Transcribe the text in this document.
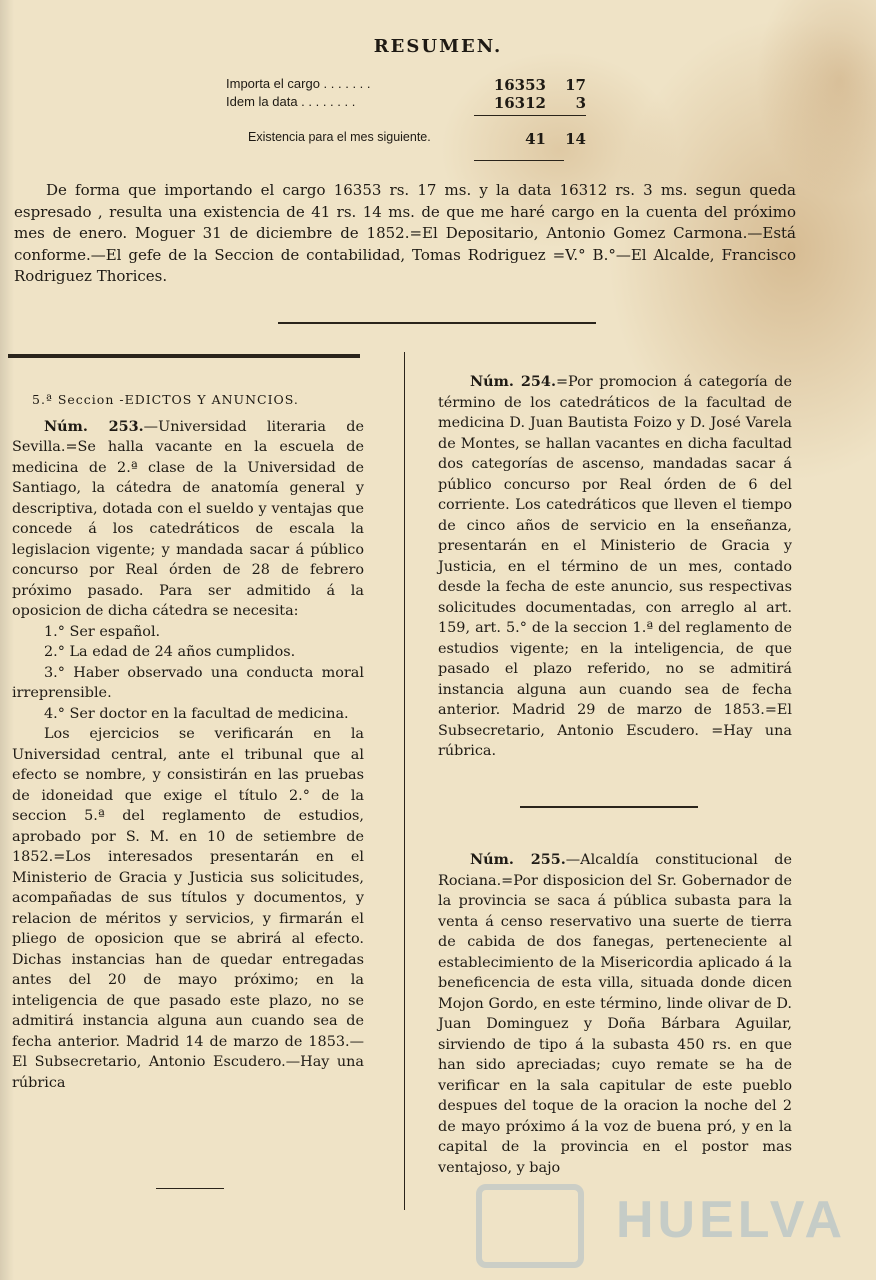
RESUMEN.
Importa el cargo . . . . . . .	16353	17
Idem la data . . . . . . . .	16312	3
Existencia para el mes siguiente.	41	14

De forma que importando el cargo 16353 rs. 17 ms. y la data 16312 rs. 3 ms. segun queda espresado , resulta una existencia de 41 rs. 14 ms. de que me haré cargo en la cuenta del próximo mes de enero. Moguer 31 de diciembre de 1852.=El Depositario, Antonio Gomez Carmona.—Está conforme.—El gefe de la Seccion de contabilidad, Tomas Rodriguez =V.° B.°—El Alcalde, Francisco Rodriguez Thorices.

5.ª Seccion -EDICTOS Y ANUNCIOS.

Núm. 253.—Universidad literaria de Sevilla.=Se halla vacante en la escuela de medicina de 2.ª clase de la Universidad de Santiago, la cátedra de anatomía general y descriptiva, dotada con el sueldo y ventajas que concede á los catedráticos de escala la legislacion vigente; y mandada sacar á público concurso por Real órden de 28 de febrero próximo pasado. Para ser admitido á la oposicion de dicha cátedra se necesita:

1.° Ser español.
2.° La edad de 24 años cumplidos.
3.° Haber observado una conducta moral irreprensible.
4.° Ser doctor en la facultad de medicina.

Los ejercicios se verificarán en la Universidad central, ante el tribunal que al efecto se nombre, y consistirán en las pruebas de idoneidad que exige el título 2.° de la seccion 5.ª del reglamento de estudios, aprobado por S. M. en 10 de setiembre de 1852.=Los interesados presentarán en el Ministerio de Gracia y Justicia sus solicitudes, acompañadas de sus títulos y documentos, y relacion de méritos y servicios, y firmarán el pliego de oposicion que se abrirá al efecto. Dichas instancias han de quedar entregadas antes del 20 de mayo próximo; en la inteligencia de que pasado este plazo, no se admitirá instancia alguna aun cuando sea de fecha anterior. Madrid 14 de marzo de 1853.—El Subsecretario, Antonio Escudero.—Hay una rúbrica

Núm. 254.=Por promocion á categoría de término de los catedráticos de la facultad de medicina D. Juan Bautista Foizo y D. José Varela de Montes, se hallan vacantes en dicha facultad dos categorías de ascenso, mandadas sacar á público concurso por Real órden de 6 del corriente. Los catedráticos que lleven el tiempo de cinco años de servicio en la enseñanza, presentarán en el Ministerio de Gracia y Justicia, en el término de un mes, contado desde la fecha de este anuncio, sus respectivas solicitudes documentadas, con arreglo al art. 159, art. 5.° de la seccion 1.ª del reglamento de estudios vigente; en la inteligencia, de que pasado el plazo referido, no se admitirá instancia alguna aun cuando sea de fecha anterior. Madrid 29 de marzo de 1853.=El Subsecretario, Antonio Escudero. =Hay una rúbrica.

Núm. 255.—Alcaldía constitucional de Rociana.=Por disposicion del Sr. Gobernador de la provincia se saca á pública subasta para la venta á censo reservativo una suerte de tierra de cabida de dos fanegas, perteneciente al establecimiento de la Misericordia aplicado á la beneficencia de esta villa, situada donde dicen Mojon Gordo, en este término, linde olivar de D. Juan Dominguez y Doña Bárbara Aguilar, sirviendo de tipo á la subasta 450 rs. en que han sido apreciadas; cuyo remate se ha de verificar en la sala capitular de este pueblo despues del toque de la oracion la noche del 2 de mayo próximo á la voz de buena pró, y en la capital de la provincia en el postor mas ventajoso, y bajo

HUELVA
